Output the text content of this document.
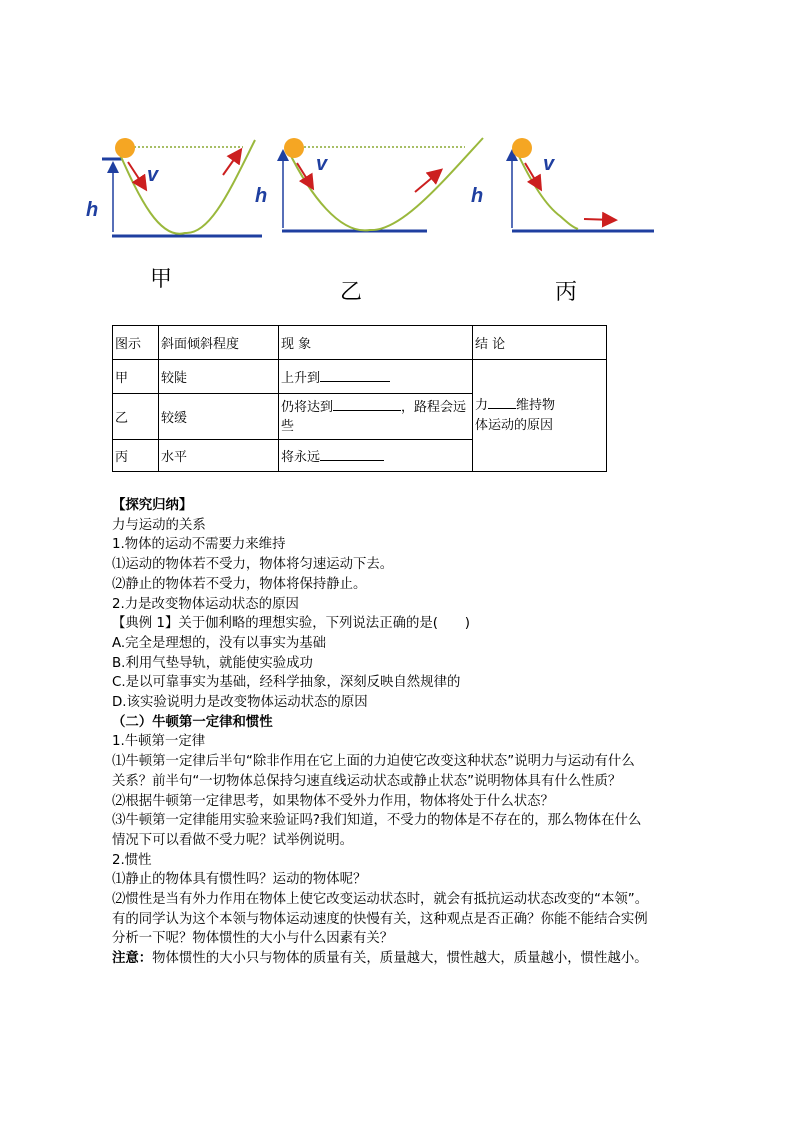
h
v
h
v
h
v
甲
乙	丙
图示	斜面倾斜程度	现 象	结 论
甲	较陡	上升到	力 维持物
体运动的原因
乙	较缓	仍将达到 ，路程会远
些	
丙	水平	将永远	
【探究归纳】
力与运动的关系
1.物体的运动不需要力来维持
⑴运动的物体若不受力，物体将匀速运动下去。
⑵静止的物体若不受力，物体将保持静止。
2.力是改变物体运动状态的原因
【典例 1】关于伽利略的理想实验，下列说法正确的是(　　)
A.完全是理想的，没有以事实为基础
B.利用气垫导轨，就能使实验成功
C.是以可靠事实为基础，经科学抽象，深刻反映自然规律的
D.该实验说明力是改变物体运动状态的原因
（二）牛顿第一定律和惯性
1.牛顿第一定律
⑴牛顿第一定律后半句“除非作用在它上面的力迫使它改变这种状态”说明力与运动有什么
关系？前半句“一切物体总保持匀速直线运动状态或静止状态”说明物体具有什么性质？
⑵根据牛顿第一定律思考，如果物体不受外力作用，物体将处于什么状态？
⑶牛顿第一定律能用实验来验证吗?我们知道，不受力的物体是不存在的，那么物体在什么
情况下可以看做不受力呢？试举例说明。
2.惯性
⑴静止的物体具有惯性吗？运动的物体呢？
⑵惯性是当有外力作用在物体上使它改变运动状态时，就会有抵抗运动状态改变的“本领”。
有的同学认为这个本领与物体运动速度的快慢有关，这种观点是否正确？你能不能结合实例
分析一下呢？物体惯性的大小与什么因素有关？
注意：物体惯性的大小只与物体的质量有关，质量越大，惯性越大，质量越小，惯性越小。
